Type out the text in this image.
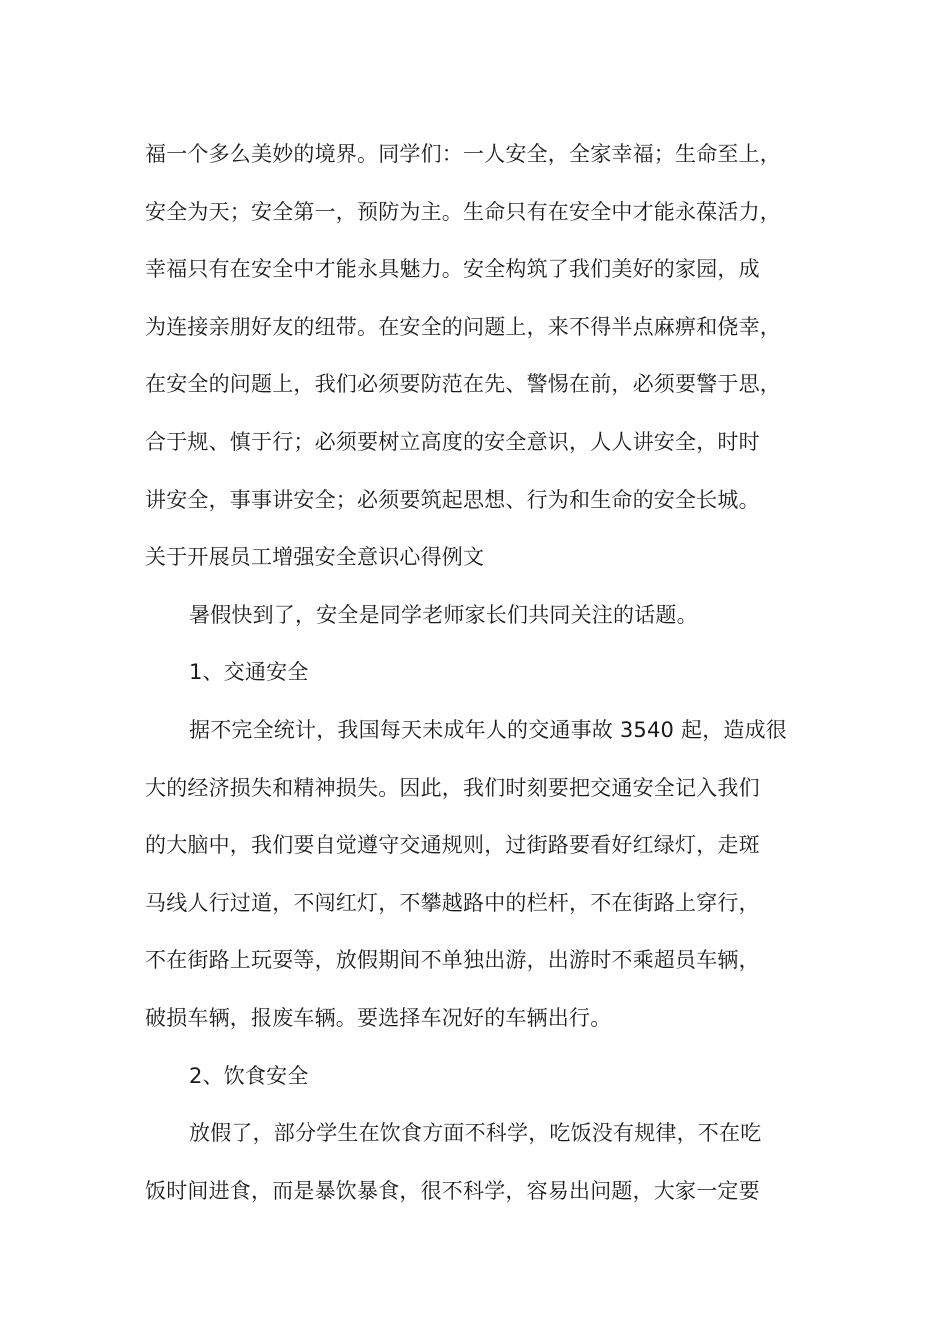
福一个多么美妙的境界。同学们：一人安全，全家幸福；生命至上，
安全为天；安全第一，预防为主。生命只有在安全中才能永葆活力，
幸福只有在安全中才能永具魅力。安全构筑了我们美好的家园，成
为连接亲朋好友的纽带。在安全的问题上，来不得半点麻痹和侥幸，
在安全的问题上，我们必须要防范在先、警惕在前，必须要警于思，
合于规、慎于行；必须要树立高度的安全意识，人人讲安全，时时
讲安全，事事讲安全；必须要筑起思想、行为和生命的安全长城。
关于开展员工增强安全意识心得例文
暑假快到了，安全是同学老师家长们共同关注的话题。
1、交通安全
据不完全统计，我国每天未成年人的交通事故 3540 起，造成很
大的经济损失和精神损失。因此，我们时刻要把交通安全记入我们
的大脑中，我们要自觉遵守交通规则，过街路要看好红绿灯，走斑
马线人行过道，不闯红灯，不攀越路中的栏杆，不在街路上穿行，
不在街路上玩耍等，放假期间不单独出游，出游时不乘超员车辆，
破损车辆，报废车辆。要选择车况好的车辆出行。
2、饮食安全
放假了，部分学生在饮食方面不科学，吃饭没有规律，不在吃
饭时间进食，而是暴饮暴食，很不科学，容易出问题，大家一定要
